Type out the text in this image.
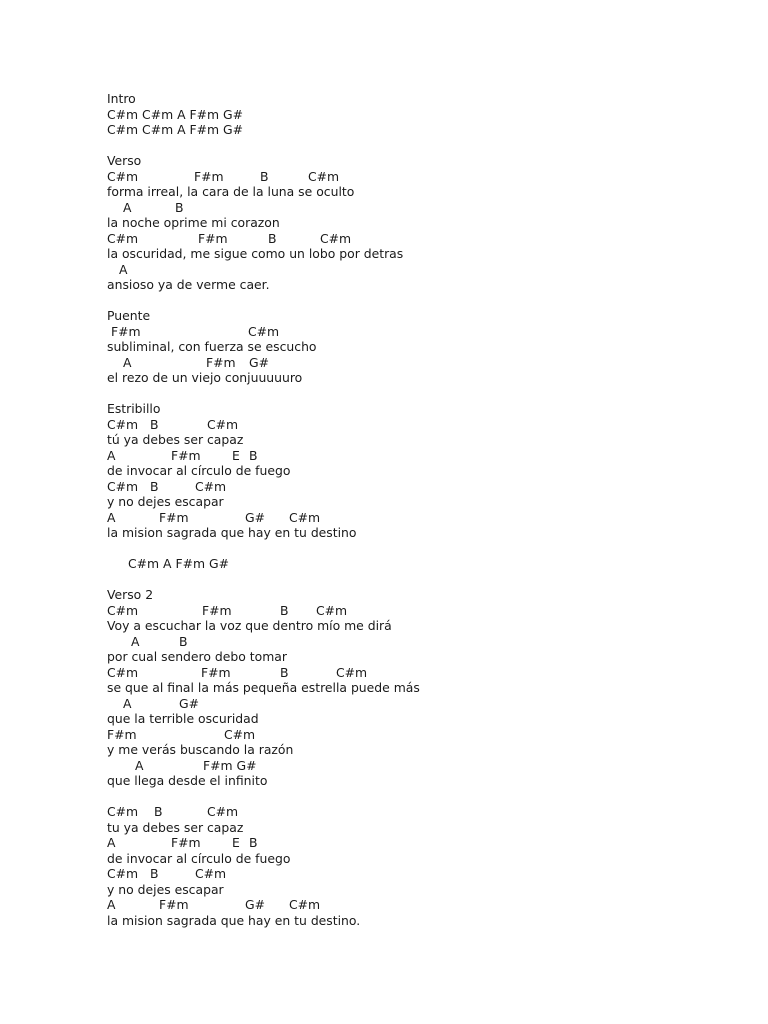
Intro
C#m C#m A F#m G#
C#m C#m A F#m G#
Verso
C#m	F#m	B	C#m
forma irreal, la cara de la luna se oculto
A	B
la noche oprime mi corazon
C#m	F#m	B	C#m
la oscuridad, me sigue como un lobo por detras
A
ansioso ya de verme caer.
Puente
F#m	C#m
subliminal, con fuerza se escucho
A	F#m G#
el rezo de un viejo conjuuuuuro
Estribillo
C#m B	C#m
tú ya debes ser capaz
A	F#m	E B
de invocar al círculo de fuego
C#m B	C#m
y no dejes escapar
A	F#m	G# C#m
la mision sagrada que hay en tu destino
C#m A F#m G#
Verso 2
C#m	F#m	B C#m
Voy a escuchar la voz que dentro mío me dirá
A	B
por cual sendero debo tomar
C#m	F#m	B	C#m
se que al final la más pequeña estrella puede más
A	G#
que la terrible oscuridad
F#m	C#m
y me verás buscando la razón
A	F#m G#
que llega desde el infinito
C#m B	C#m
tu ya debes ser capaz
A	F#m	E B
de invocar al círculo de fuego
C#m B	C#m
y no dejes escapar
A	F#m	G# C#m
la mision sagrada que hay en tu destino.
